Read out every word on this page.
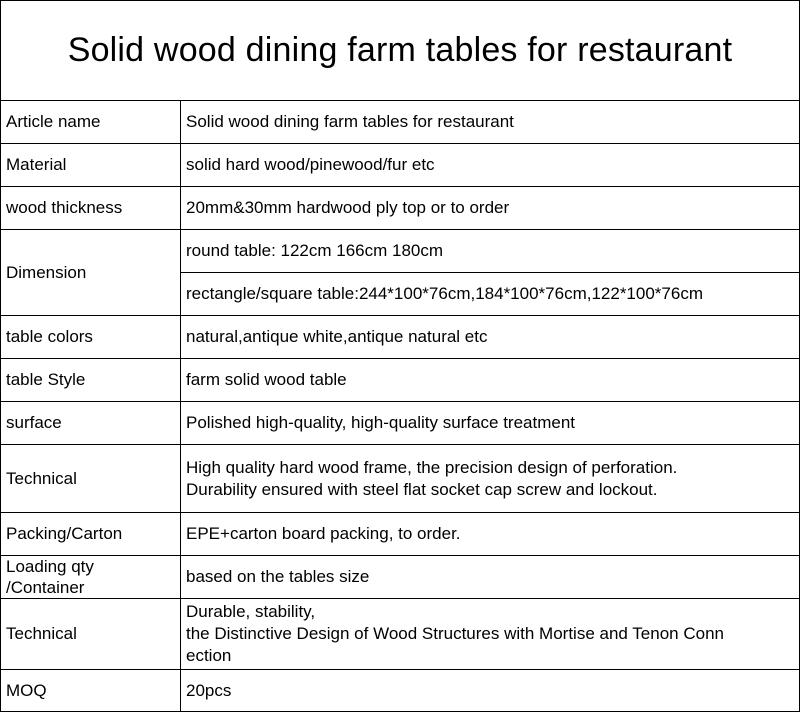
Solid wood dining farm tables for restaurant
Article name	Solid wood dining farm tables for restaurant
Material	solid hard wood/pinewood/fur etc
wood thickness	20mm&30mm hardwood ply top or to order
Dimension	round table: 122cm 166cm 180cm
	rectangle/square table:244*100*76cm,184*100*76cm,122*100*76cm
table colors	natural,antique white,antique natural etc
table Style	farm solid wood table
surface	Polished high-quality, high-quality surface treatment
Technical	High quality hard wood frame, the precision design of perforation.
Durability ensured with steel flat socket cap screw and lockout.

Packing/Carton	EPE+carton board packing, to order.

Loading qty
/Container	based on the tables size
Technical	Durable, stability,
the Distinctive Design of Wood Structures with Mortise and Tenon Conn
ection

MOQ	20pcs
